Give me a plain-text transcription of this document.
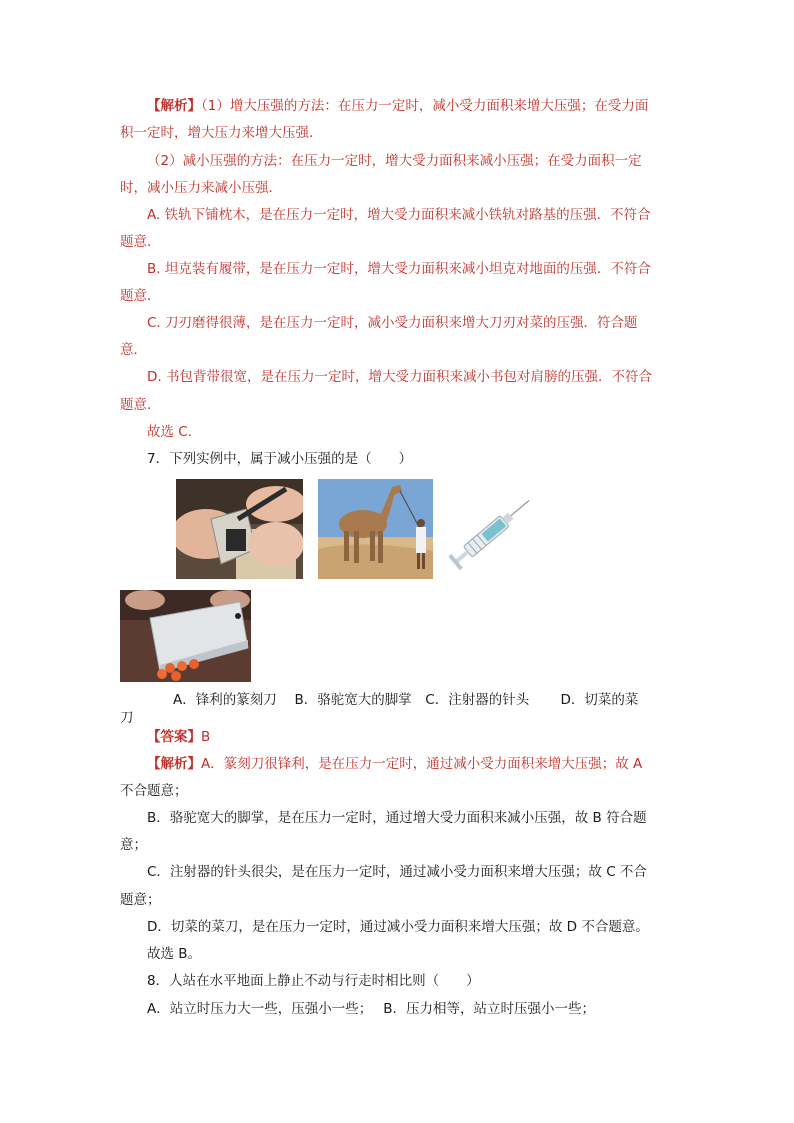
【解析】（1）增大压强的方法：在压力一定时，减小受力面积来增大压强；在受力面
积一定时，增大压力来增大压强．
（2）减小压强的方法：在压力一定时，增大受力面积来减小压强；在受力面积一定
时，减小压力来减小压强．
A. 铁轨下铺枕木，是在压力一定时，增大受力面积来减小铁轨对路基的压强．不符合
题意．
B. 坦克装有履带，是在压力一定时，增大受力面积来减小坦克对地面的压强．不符合
题意．
C. 刀刃磨得很薄，是在压力一定时，减小受力面积来增大刀刃对菜的压强．符合题
意．
D. 书包背带很宽，是在压力一定时，增大受力面积来减小书包对肩膀的压强．不符合
题意．
故选 C.
7．下列实例中，属于减小压强的是（　　）
A．锋利的篆刻刀　 B．骆驼宽大的脚掌　C．注射器的针头　　 D．切菜的菜
刀
【答案】B
【解析】A．篆刻刀很锋利，是在压力一定时，通过减小受力面积来增大压强；故 A
不合题意；
B．骆驼宽大的脚掌，是在压力一定时，通过增大受力面积来减小压强，故 B 符合题
意；
C．注射器的针头很尖，是在压力一定时，通过减小受力面积来增大压强；故 C 不合
题意；
D．切菜的菜刀，是在压力一定时，通过减小受力面积来增大压强；故 D 不合题意。
故选 B。
8．人站在水平地面上静止不动与行走时相比则（　　）
A．站立时压力大一些，压强小一些；　 B．压力相等，站立时压强小一些；
